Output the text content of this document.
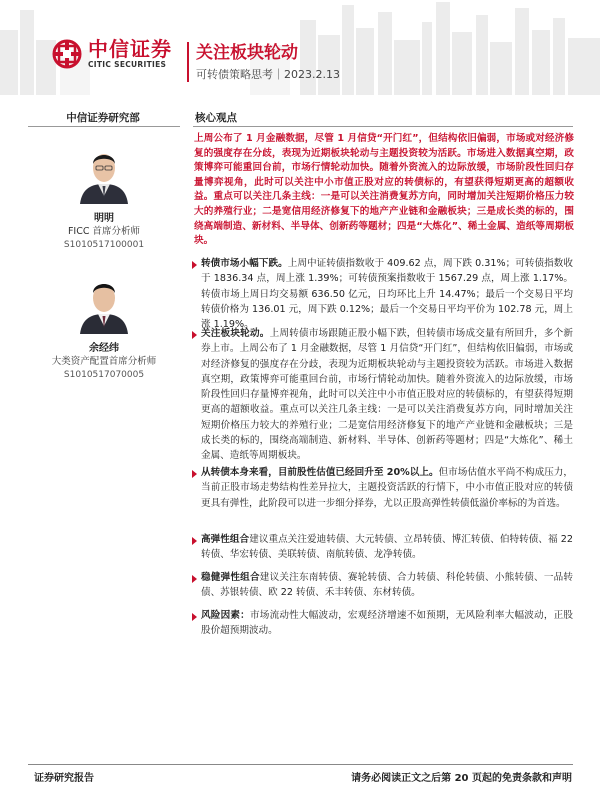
中信证券
CITIC SECURITIES
关注板块轮动
可转债策略思考｜2023.2.13
中信证券研究部
明明
FICC 首席分析师
S1010517100001
余经纬
大类资产配置首席分析师
S1010517070005
核心观点
上周公布了 1 月金融数据，尽管 1 月信贷“开门红”，但结构依旧偏弱，市场或对经济修复的强度存在分歧，表现为近期板块轮动与主题投资较为活跃。市场进入数据真空期，政策博弈可能重回台前，市场行情轮动加快。随着外资流入的边际放缓，市场阶段性回归存量博弈视角，此时可以关注中小市值正股对应的转债标的，有望获得短期更高的超额收益。重点可以关注几条主线：一是可以关注消费复苏方向，同时增加关注短期价格压力较大的养殖行业；二是宽信用经济修复下的地产产业链和金融板块；三是成长类的标的，围绕高端制造、新材料、半导体、创新药等题材；四是“大炼化”、稀土金属、造纸等周期板块。
转债市场小幅下跌。上周中证转债指数收于 409.62 点，周下跌 0.31%；可转债指数收于 1836.34 点，周上涨 1.39%；可转债预案指数收于 1567.29 点，周上涨 1.17%。转债市场上周日均交易额 636.50 亿元，日均环比上升 14.47%；最后一个交易日平均转债价格为 136.01 元，周下跌 0.12%；最后一个交易日平均平价为 102.78 元，周上涨 1.19%。
关注板块轮动。上周转债市场跟随正股小幅下跌，但转债市场成交量有所回升，多个新券上市。上周公布了 1 月金融数据，尽管 1 月信贷“开门红”，但结构依旧偏弱，市场或对经济修复的强度存在分歧，表现为近期板块轮动与主题投资较为活跃。市场进入数据真空期，政策博弈可能重回台前，市场行情轮动加快。随着外资流入的边际放缓，市场阶段性回归存量博弈视角，此时可以关注中小市值正股对应的转债标的，有望获得短期更高的超额收益。重点可以关注几条主线：一是可以关注消费复苏方向，同时增加关注短期价格压力较大的养殖行业；二是宽信用经济修复下的地产产业链和金融板块；三是成长类的标的，围绕高端制造、新材料、半导体、创新药等题材；四是“大炼化”、稀土金属、造纸等周期板块。
从转债本身来看，目前股性估值已经回升至 20%以上。但市场估值水平尚不构成压力，当前正股市场走势结构性差异拉大，主题投资活跃的行情下，中小市值正股对应的转债更具有弹性，此阶段可以进一步细分择券，尤以正股高弹性转债低溢价率标的为首选。
高弹性组合建议重点关注爱迪转债、大元转债、立昂转债、博汇转债、伯特转债、福 22 转债、华宏转债、美联转债、南航转债、龙净转债。
稳健弹性组合建议关注东南转债、赛轮转债、合力转债、科伦转债、小熊转债、一品转债、苏银转债、欧 22 转债、禾丰转债、东材转债。
风险因素：市场流动性大幅波动，宏观经济增速不如预期，无风险利率大幅波动，正股股价超预期波动。
证券研究报告	请务必阅读正文之后第 20 页起的免责条款和声明
